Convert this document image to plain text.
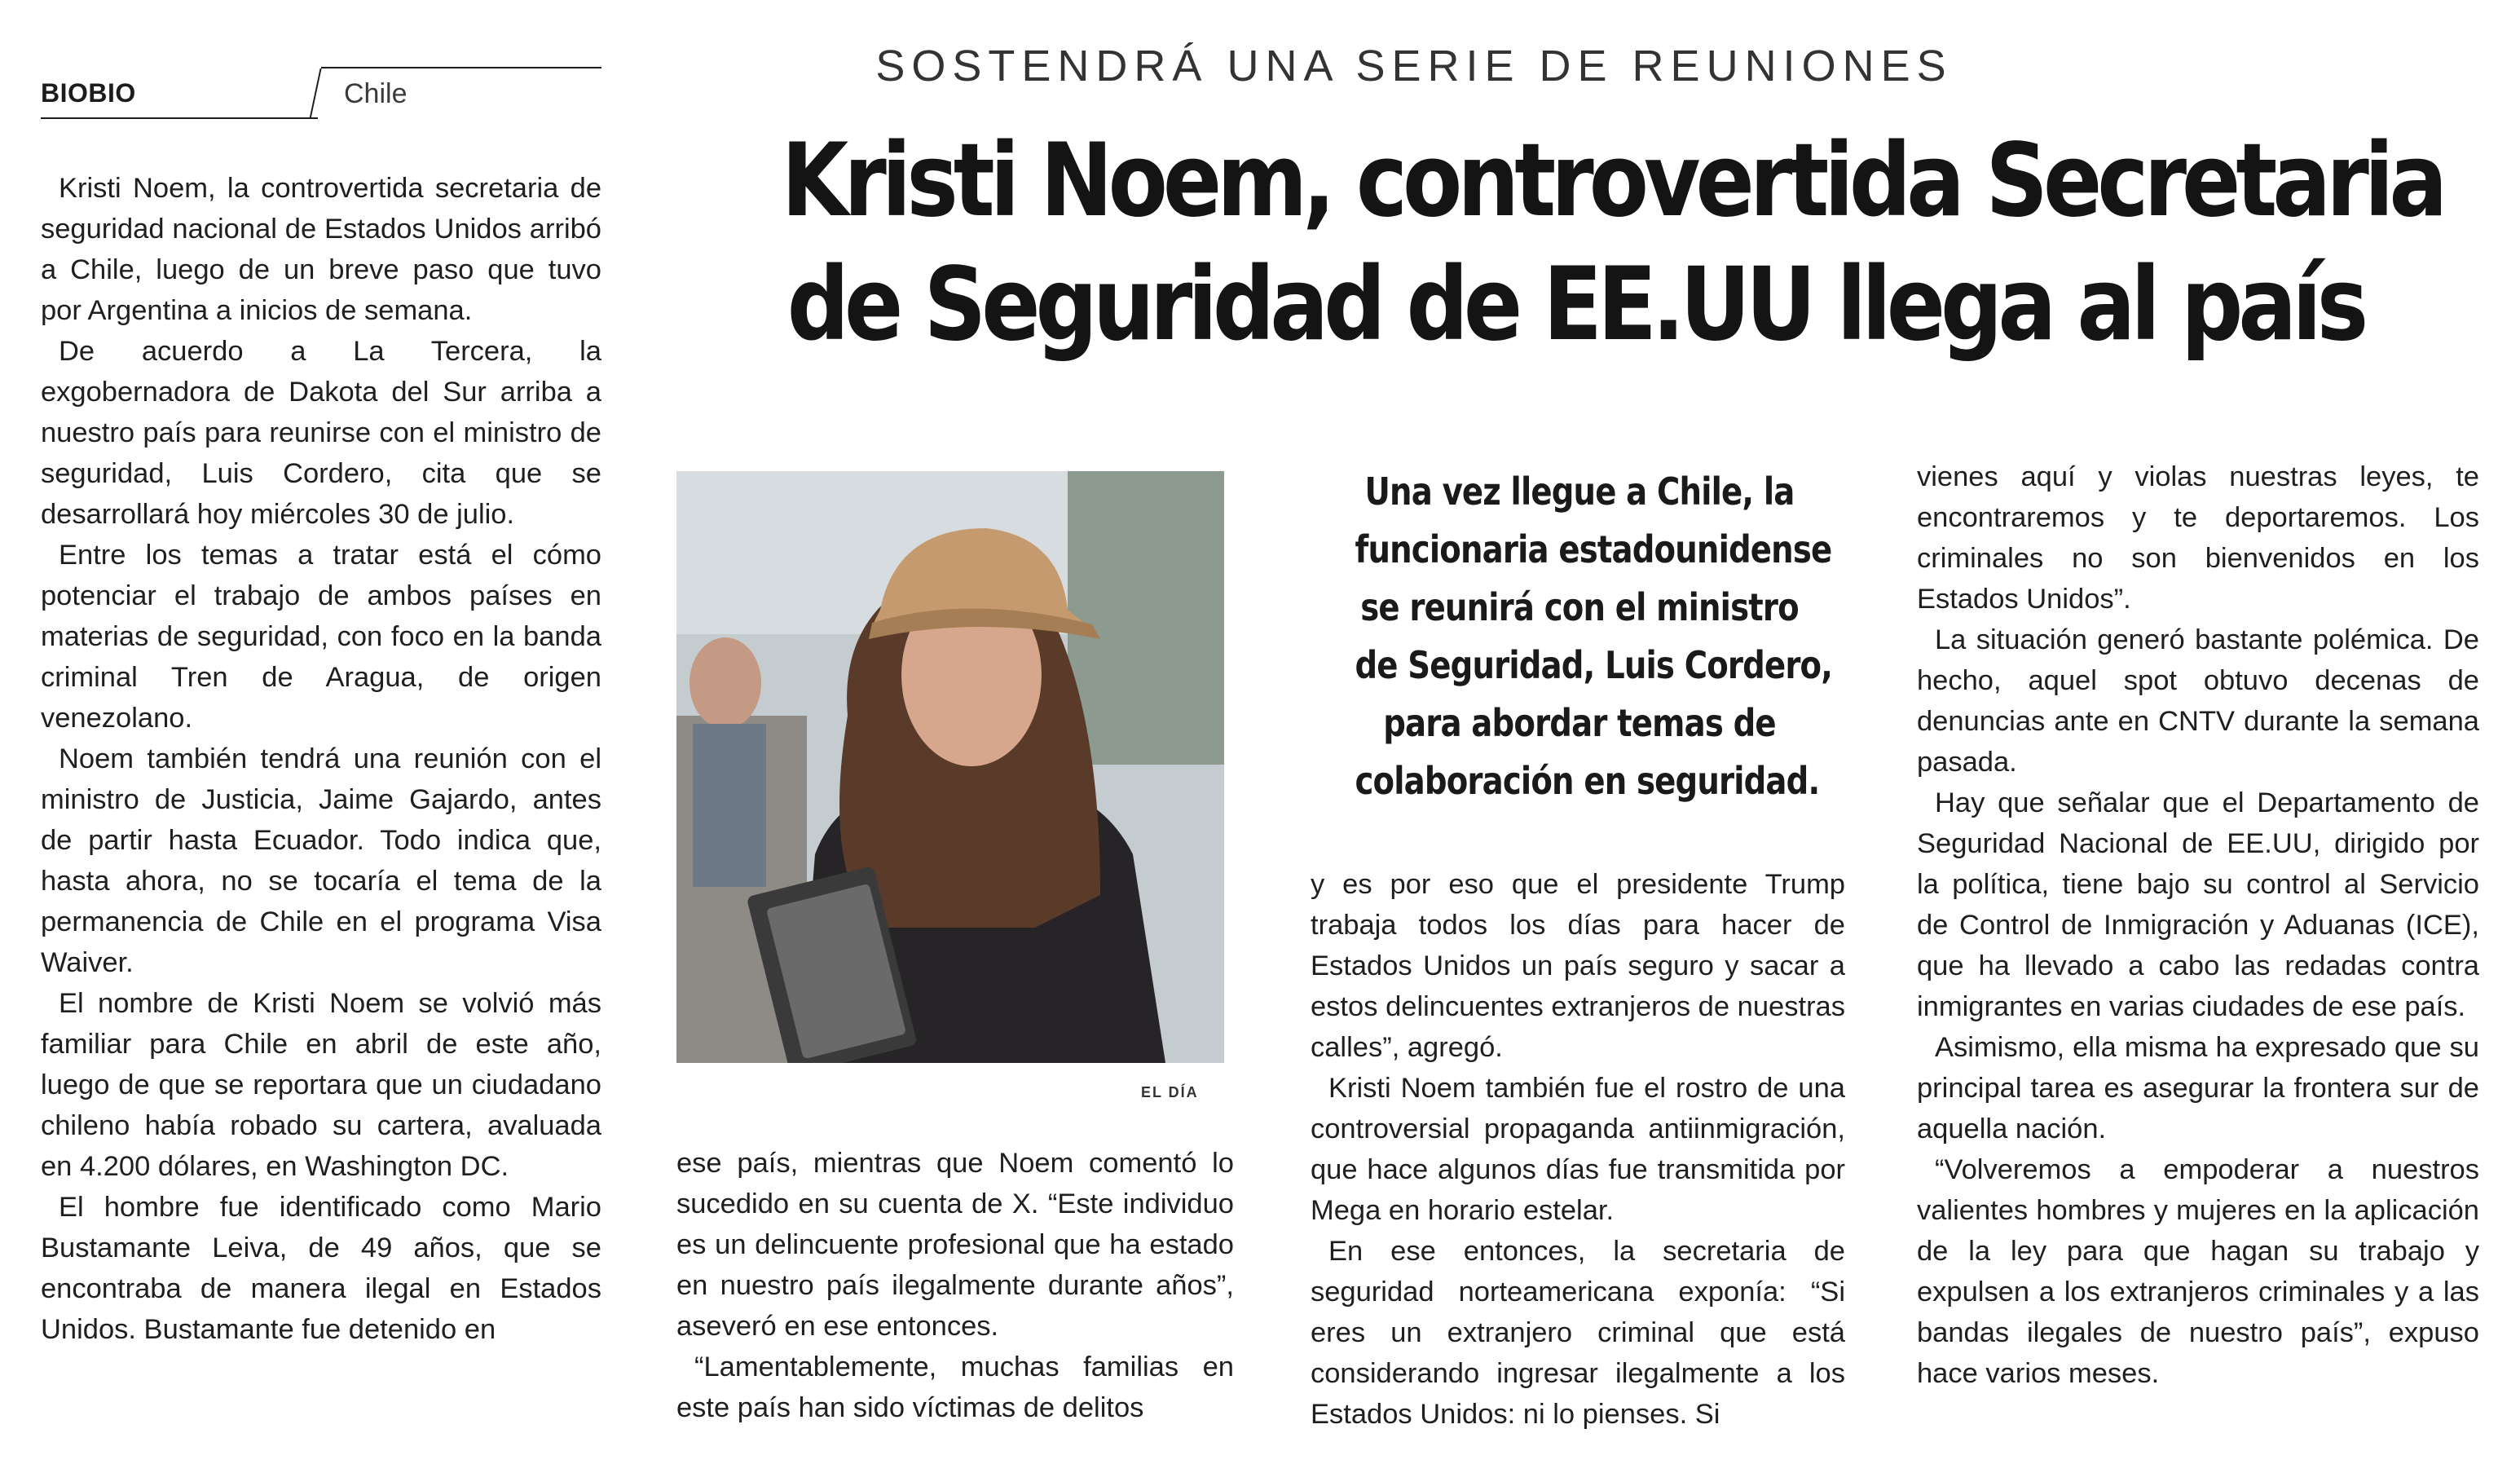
BIOBIO	Chile
SOSTENDRÁ UNA SERIE DE REUNIONES
Kristi Noem, controvertida Secretaria
de Seguridad de EE.UU llega al país

Kristi Noem, la controvertida secretaria de seguridad nacional de Estados Unidos arribó a Chile, luego de un breve paso que tuvo por Argentina a inicios de semana.

De acuerdo a La Tercera, la exgobernadora de Dakota del Sur arriba a nuestro país para reunirse con el ministro de seguridad, Luis Cordero, cita que se desarrollará hoy miércoles 30 de julio.

Entre los temas a tratar está el cómo potenciar el trabajo de ambos países en materias de seguridad, con foco en la banda criminal Tren de Aragua, de origen venezolano.

Noem también tendrá una reunión con el ministro de Justicia, Jaime Gajardo, antes de partir hasta Ecuador. Todo indica que, hasta ahora, no se tocaría el tema de la permanencia de Chile en el programa Visa Waiver.

El nombre de Kristi Noem se volvió más familiar para Chile en abril de este año, luego de que se reportara que un ciudadano chileno había robado su cartera, avaluada en 4.200 dólares, en Washington DC.

El hombre fue identificado como Mario Bustamante Leiva, de 49 años, que se encontraba de manera ilegal en Estados Unidos. Bustamante fue detenido en

EL DÍA

ese país, mientras que Noem comentó lo sucedido en su cuenta de X. “Este individuo es un delincuente profesional que ha estado en nuestro país ilegalmente durante años”, aseveró en ese entonces.

“Lamentablemente, muchas familias en este país han sido víctimas de delitos

Una vez llegue a Chile, la
funcionaria estadounidense
se reunirá con el ministro
de Seguridad, Luis Cordero,
para abordar temas de
colaboración en seguridad.

y es por eso que el presidente Trump trabaja todos los días para hacer de Estados Unidos un país seguro y sacar a estos delincuentes extranjeros de nuestras calles”, agregó.

Kristi Noem también fue el rostro de una controversial propaganda antiinmigración, que hace algunos días fue transmitida por Mega en horario estelar.

En ese entonces, la secretaria de seguridad norteamericana exponía: “Si eres un extranjero criminal que está considerando ingresar ilegalmente a los Estados Unidos: ni lo pienses. Si

vienes aquí y violas nuestras leyes, te encontraremos y te deportaremos. Los criminales no son bienvenidos en los Estados Unidos”.

La situación generó bastante polémica. De hecho, aquel spot obtuvo decenas de denuncias ante en CNTV durante la semana pasada.

Hay que señalar que el Departamento de Seguridad Nacional de EE.UU, dirigido por la política, tiene bajo su control al Servicio de Control de Inmigración y Aduanas (ICE), que ha llevado a cabo las redadas contra inmigrantes en varias ciudades de ese país.

Asimismo, ella misma ha expresado que su principal tarea es asegurar la frontera sur de aquella nación.

“Volveremos a empoderar a nuestros valientes hombres y mujeres en la aplicación de la ley para que hagan su trabajo y expulsen a los extranjeros criminales y a las bandas ilegales de nuestro país”, expuso hace varios meses.
